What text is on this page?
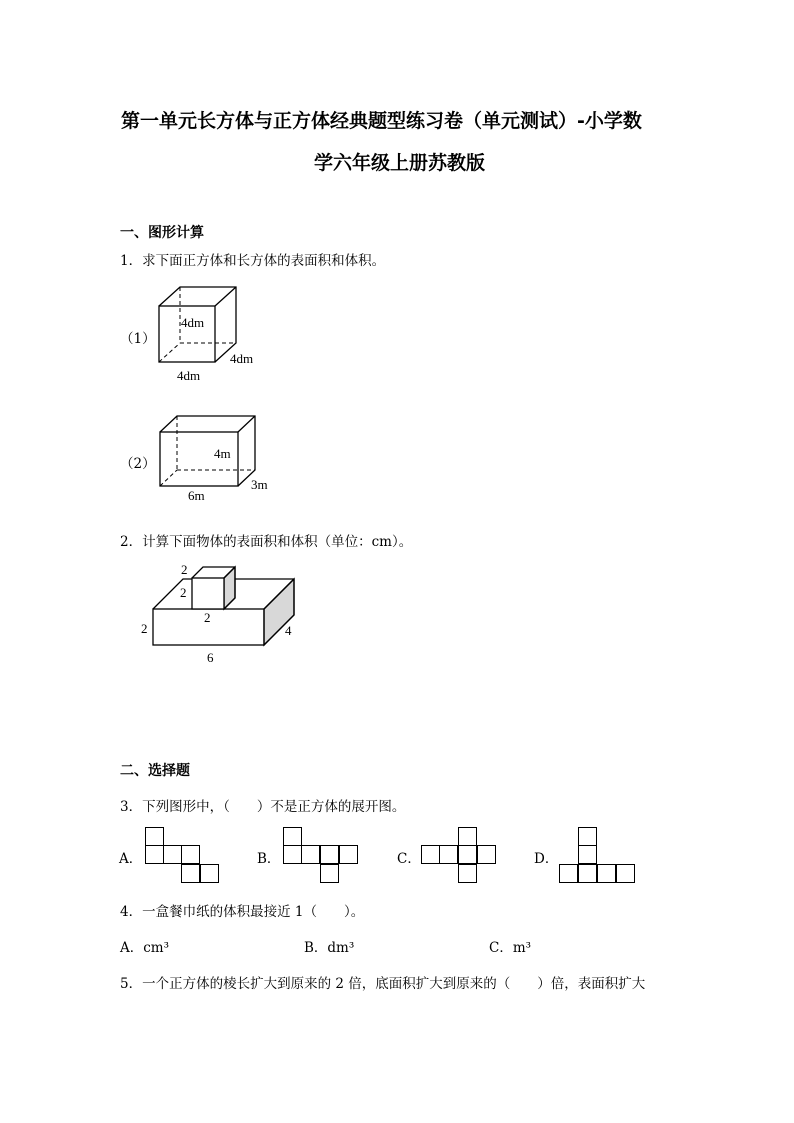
第一单元长方体与正方体经典题型练习卷（单元测试）-小学数
学六年级上册苏教版
一、图形计算
1．求下面正方体和长方体的表面积和体积。
（1）
4dm
4dm
4dm
（2）
4m
3m
6m
2．计算下面物体的表面积和体积（单位：cm）。
2
2
2
2	4
6
二、选择题
3．下列图形中，（　　）不是正方体的展开图。
A．	B．	C．	D．
4．一盒餐巾纸的体积最接近 1（　　）。
A．cm³	B．dm³	C．m³
5．一个正方体的棱长扩大到原来的 2 倍，底面积扩大到原来的（　　）倍，表面积扩大
